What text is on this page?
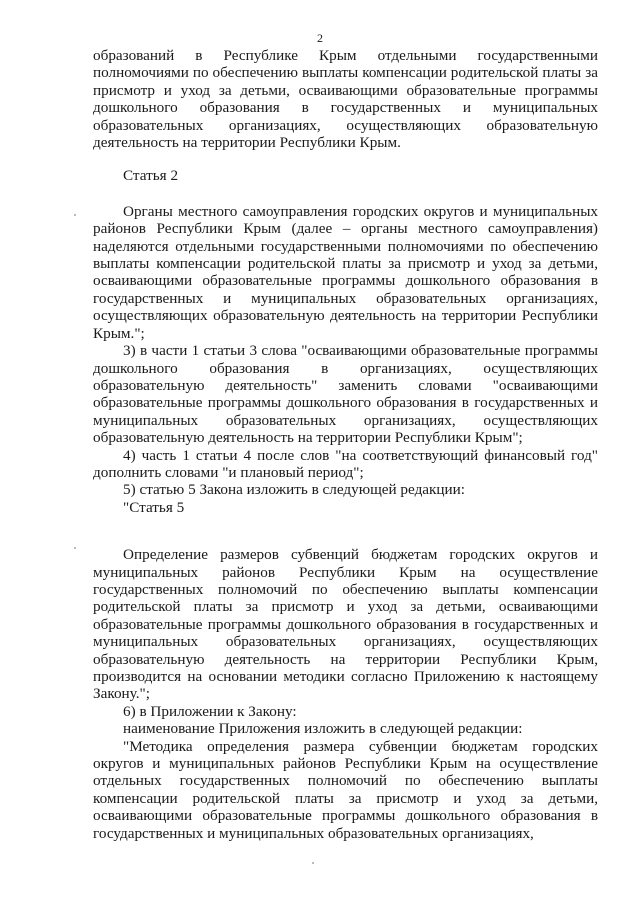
2

образований в Республике Крым отдельными государственными полномочиями по обеспечению выплаты компенсации родительской платы за присмотр и уход за детьми, осваивающими образовательные программы дошкольного образования в государственных и муниципальных образовательных организациях, осуществляющих образовательную деятельность на территории Республики Крым.

Статья 2

Органы местного самоуправления городских округов и муниципальных районов Республики Крым (далее – органы местного самоуправления) наделяются отдельными государственными полномочиями по обеспечению выплаты компенсации родительской платы за присмотр и уход за детьми, осваивающими образовательные программы дошкольного образования в государственных и муниципальных образовательных организациях, осуществляющих образовательную деятельность на территории Республики Крым.";

3) в части 1 статьи 3 слова "осваивающими образовательные программы дошкольного образования в организациях, осуществляющих образовательную деятельность" заменить словами "осваивающими образовательные программы дошкольного образования в государственных и муниципальных образовательных организациях, осуществляющих образовательную деятельность на территории Республики Крым";

4) часть 1 статьи 4 после слов "на соответствующий финансовый год" дополнить словами "и плановый период";

5) статью 5 Закона изложить в следующей редакции:

"Статья 5

Определение размеров субвенций бюджетам городских округов и муниципальных районов Республики Крым на осуществление государственных полномочий по обеспечению выплаты компенсации родительской платы за присмотр и уход за детьми, осваивающими образовательные программы дошкольного образования в государственных и муниципальных образовательных организациях, осуществляющих образовательную деятельность на территории Республики Крым, производится на основании методики согласно Приложению к настоящему Закону.";

6) в Приложении к Закону:

наименование Приложения изложить в следующей редакции:

"Методика определения размера субвенции бюджетам городских округов и муниципальных районов Республики Крым на осуществление отдельных государственных полномочий по обеспечению выплаты компенсации родительской платы за присмотр и уход за детьми, осваивающими образовательные программы дошкольного образования в государственных и муниципальных образовательных организациях,
